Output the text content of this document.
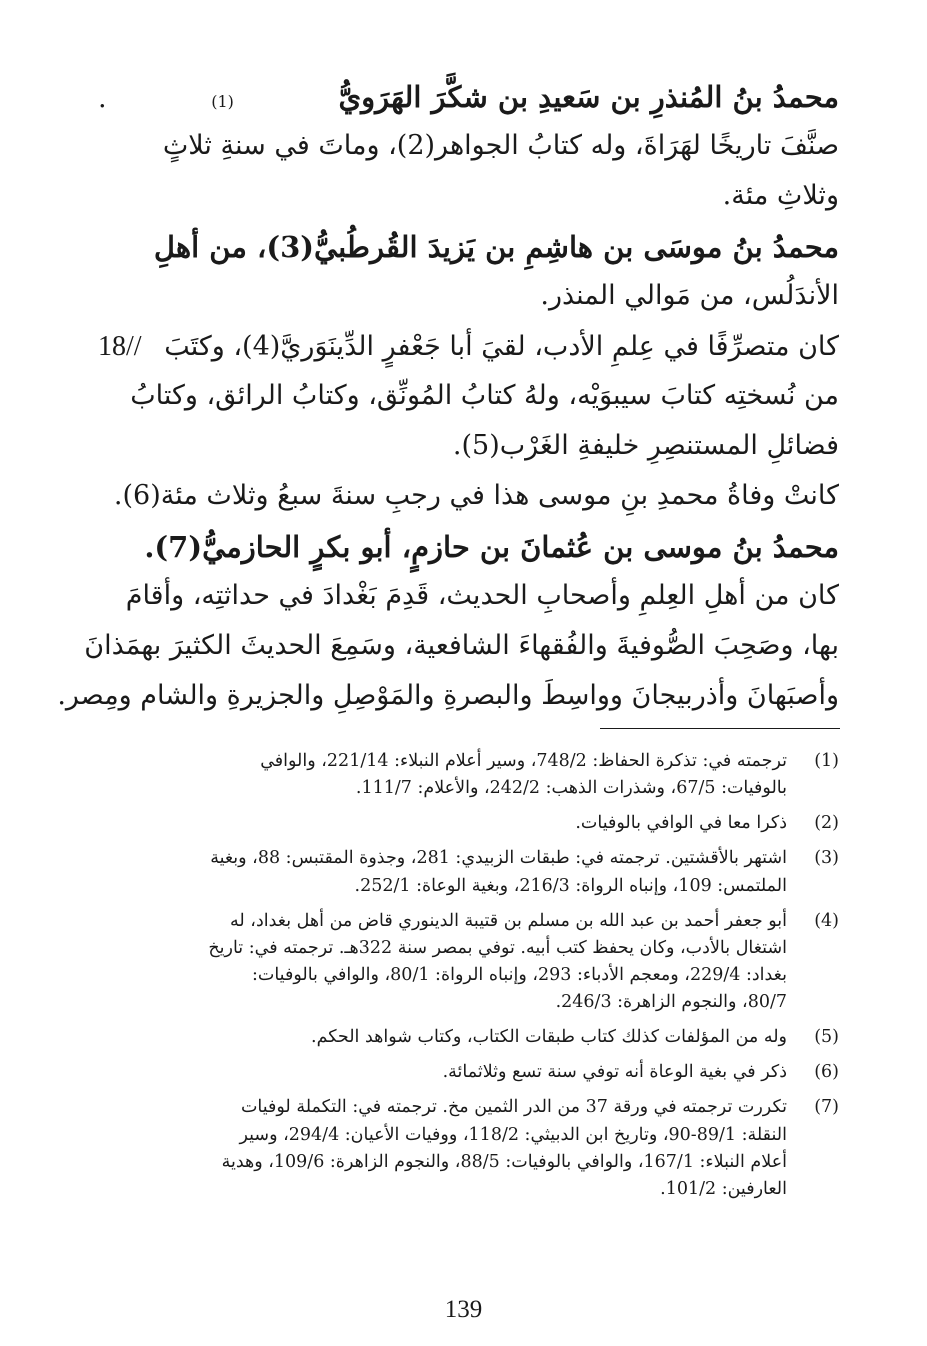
محمدُ بنُ المُنذرِ بن سَعيدِ بن شكَّرَ الهَرَويُّ
(1)
.
صنَّفَ تاريخًا لهَرَاةَ، وله كتابُ الجواهر(2)، وماتَ في سنةِ ثلاثٍ
وثلاثِ مئة.
محمدُ بنُ موسَى بن هاشِمِ بن يَزيدَ القُرطُبيُّ(3)، من أهلِ
الأندَلُس، من مَوالي المنذر.
كان متصرِّفًا في عِلمِ الأدب، لقيَ أبا جَعْفرٍ الدِّينَوَريَّ(4)، وكتَبَ
18//
من نُسختِه كتابَ سيبوَيْه، ولهُ كتابُ المُونِّق، وكتابُ الرائق، وكتابُ
فضائلِ المستنصِرِ خليفةِ الغَرْب(5).
كانتْ وفاةُ محمدِ بنِ موسى هذا في رجبِ سنةَ سبعُ وثلاث مئة(6).
محمدُ بنُ موسى بن عُثمانَ بن حازمٍ، أبو بكرٍ الحازميُّ(7).
كان من أهلِ العِلمِ وأصحابِ الحديث، قَدِمَ بَغْدادَ في حداثتِه، وأقامَ
بها، وصَحِبَ الصُّوفيةَ والفُقهاءَ الشافعية، وسَمِعَ الحديثَ الكثيرَ بهمَذانَ
وأصبَهانَ وأذربيجانَ وواسِطَ والبصرةِ والمَوْصِلِ والجزيرةِ والشام ومِصر.
(1)
ترجمته في: تذكرة الحفاظ: 748/2، وسير أعلام النبلاء: 221/14، والوافي
بالوفيات: 67/5، وشذرات الذهب: 242/2، والأعلام: 111/7.
(2)
ذكرا معا في الوافي بالوفيات.
(3)
اشتهر بالأقشتين. ترجمته في: طبقات الزبيدي: 281، وجذوة المقتبس: 88، وبغية
الملتمس: 109، وإنباه الرواة: 216/3، وبغية الوعاة: 252/1.
(4)
أبو جعفر أحمد بن عبد الله بن مسلم بن قتيبة الدينوري قاض من أهل بغداد، له
اشتغال بالأدب، وكان يحفظ كتب أبيه. توفي بمصر سنة 322هـ. ترجمته في: تاريخ
بغداد: 229/4، ومعجم الأدباء: 293، وإنباه الرواة: 80/1، والوافي بالوفيات:
80/7، والنجوم الزاهرة: 246/3.
(5)
وله من المؤلفات كذلك كتاب طبقات الكتاب، وكتاب شواهد الحكم.
(6)
ذكر في بغية الوعاة أنه توفي سنة تسع وثلاثمائة.
(7)
تكررت ترجمته في ورقة 37 من الدر الثمين مخ. ترجمته في: التكملة لوفيات
النقلة: 89/1-90، وتاريخ ابن الدبيثي: 118/2، ووفيات الأعيان: 294/4، وسير
أعلام النبلاء: 167/1، والوافي بالوفيات: 88/5، والنجوم الزاهرة: 109/6، وهدية
العارفين: 101/2.
139
